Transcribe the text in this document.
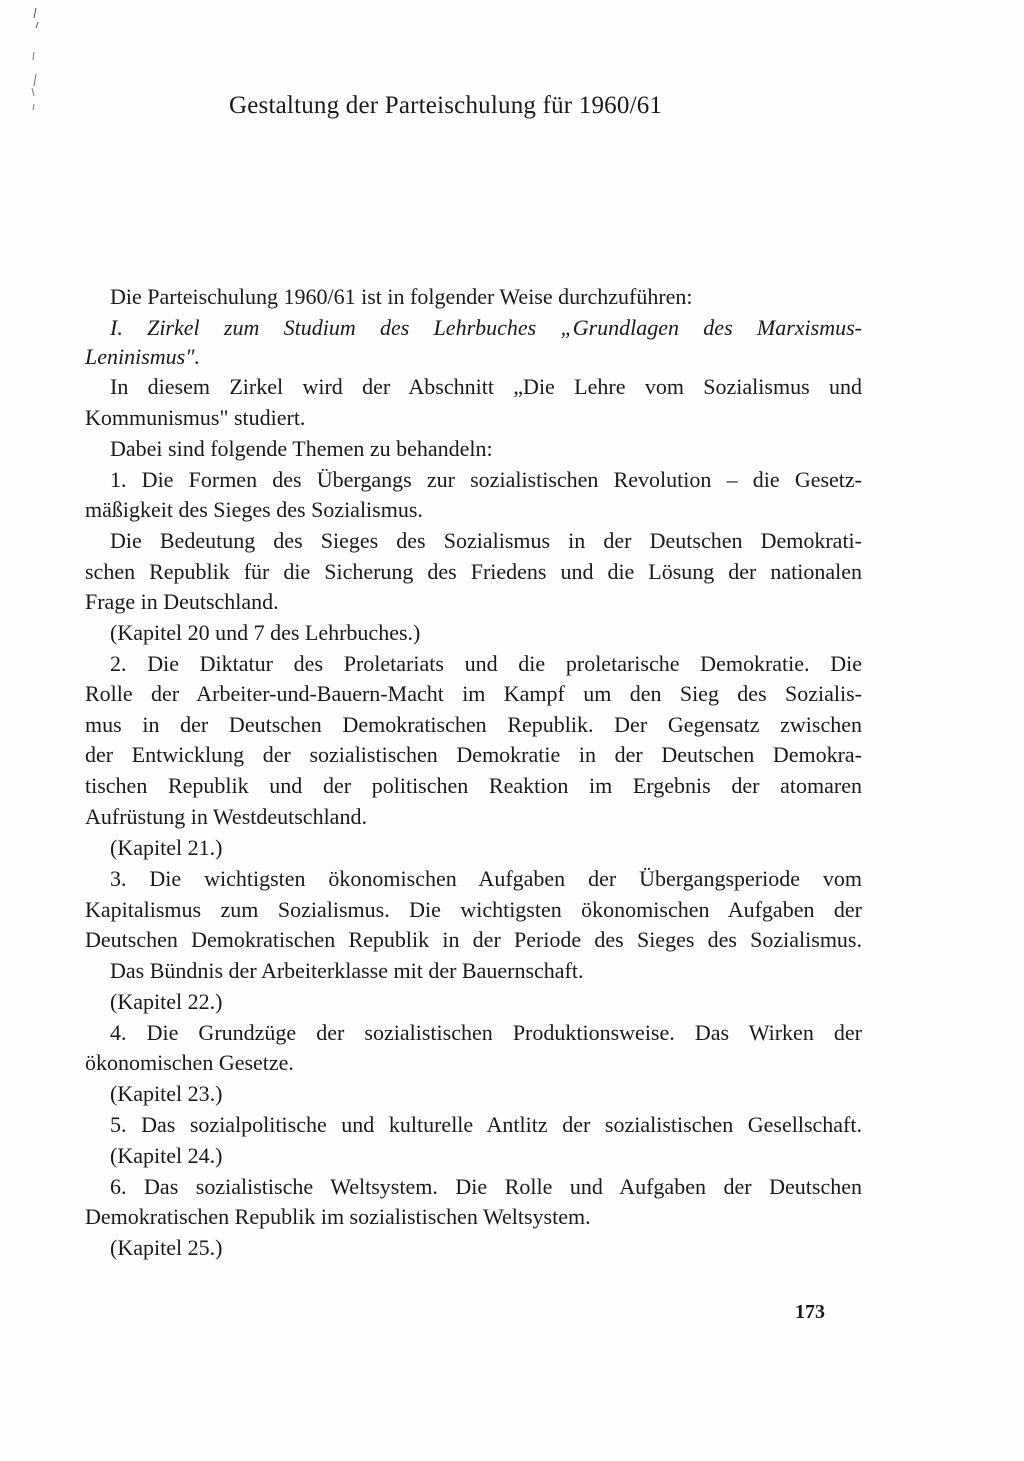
Gestaltung der Parteischulung für 1960/61
Die Parteischulung 1960/61 ist in folgender Weise durchzuführen:
I. Zirkel zum Studium des Lehrbuches „Grundlagen des Marxismus-
Leninismus".
In diesem Zirkel wird der Abschnitt „Die Lehre vom Sozialismus und
Kommunismus" studiert.
Dabei sind folgende Themen zu behandeln:
1. Die Formen des Übergangs zur sozialistischen Revolution – die Gesetz-
mäßigkeit des Sieges des Sozialismus.
Die Bedeutung des Sieges des Sozialismus in der Deutschen Demokrati-
schen Republik für die Sicherung des Friedens und die Lösung der nationalen
Frage in Deutschland.
(Kapitel 20 und 7 des Lehrbuches.)
2. Die Diktatur des Proletariats und die proletarische Demokratie. Die
Rolle der Arbeiter-und-Bauern-Macht im Kampf um den Sieg des Sozialis-
mus in der Deutschen Demokratischen Republik. Der Gegensatz zwischen
der Entwicklung der sozialistischen Demokratie in der Deutschen Demokra-
tischen Republik und der politischen Reaktion im Ergebnis der atomaren
Aufrüstung in Westdeutschland.
(Kapitel 21.)
3. Die wichtigsten ökonomischen Aufgaben der Übergangsperiode vom
Kapitalismus zum Sozialismus. Die wichtigsten ökonomischen Aufgaben der
Deutschen Demokratischen Republik in der Periode des Sieges des Sozialismus.
Das Bündnis der Arbeiterklasse mit der Bauernschaft.
(Kapitel 22.)
4. Die Grundzüge der sozialistischen Produktionsweise. Das Wirken der
ökonomischen Gesetze.
(Kapitel 23.)
5. Das sozialpolitische und kulturelle Antlitz der sozialistischen Gesellschaft.
(Kapitel 24.)
6. Das sozialistische Weltsystem. Die Rolle und Aufgaben der Deutschen
Demokratischen Republik im sozialistischen Weltsystem.
(Kapitel 25.)
173
